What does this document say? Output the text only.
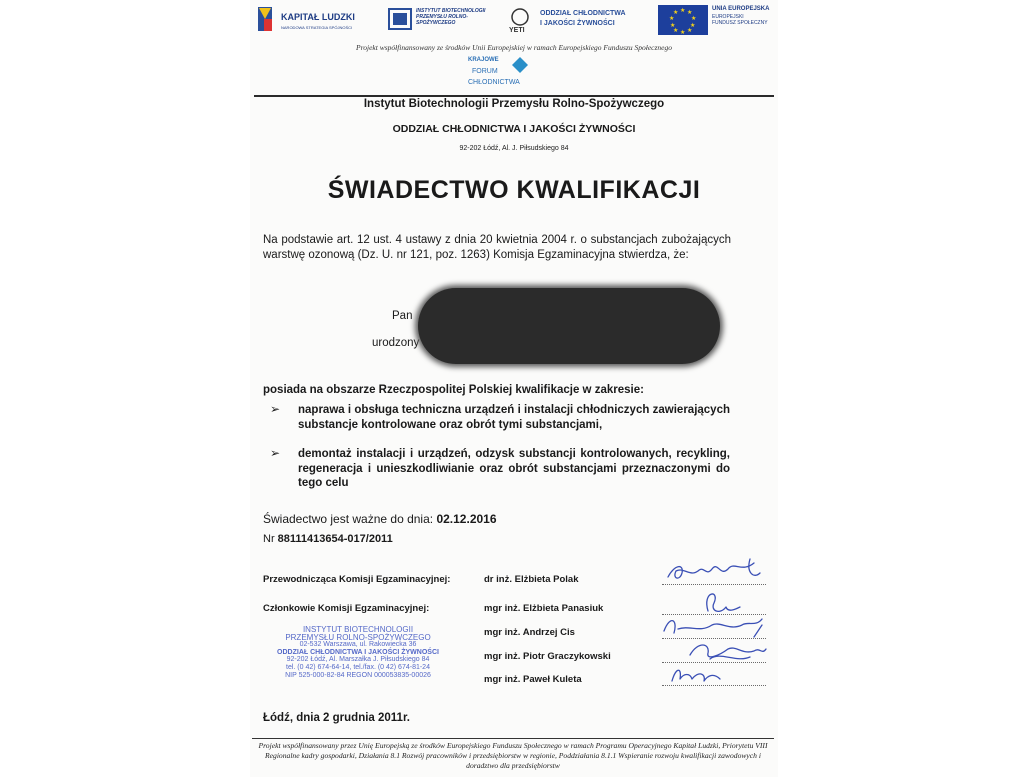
KAPITAŁ LUDZKI
NARODOWA STRATEGIA SPÓJNOŚCI
INSTYTUT BIOTECHNOLOGII PRZEMYSŁU ROLNO-SPOŻYWCZEGO
YETI
ODDZIAŁ CHŁODNICTWA
I JAKOŚCI ŻYWNOŚCI
★ ★
★
★
★
★
★
★
★
★
UNIA EUROPEJSKA
EUROPEJSKI
FUNDUSZ SPOŁECZNY
Projekt współfinansowany ze środków Unii Europejskiej w ramach Europejskiego Funduszu Społecznego
KRAJOWE
FORUM
CHŁODNICTWA
Instytut Biotechnologii Przemysłu Rolno-Spożywczego
ODDZIAŁ CHŁODNICTWA I JAKOŚCI ŻYWNOŚCI
92-202 Łódź, Al. J. Piłsudskiego 84
ŚWIADECTWO KWALIFIKACJI
Na podstawie art. 12 ust. 4 ustawy z dnia 20 kwietnia 2004 r. o substancjach zubożających warstwę ozonową (Dz. U. nr 121, poz. 1263) Komisja Egzaminacyjna stwierdza, że:
Pan
urodzony
posiada na obszarze Rzeczpospolitej Polskiej kwalifikacje w zakresie:
➢ naprawa i obsługa techniczna urządzeń i instalacji chłodniczych zawierających substancje kontrolowane oraz obrót tymi substancjami,
➢ demontaż instalacji i urządzeń, odzysk substancji kontrolowanych, recykling, regeneracja i unieszkodliwianie oraz obrót substancjami przeznaczonymi do tego celu
Świadectwo jest ważne do dnia: 02.12.2016
Nr 88111413654-017/2011
Przewodnicząca Komisji Egzaminacyjnej:	dr inż. Elżbieta Polak
Członkowie Komisji Egzaminacyjnej:	mgr inż. Elżbieta Panasiuk
mgr inż. Andrzej Cis
mgr inż. Piotr Graczykowski
mgr inż. Paweł Kuleta
INSTYTUT BIOTECHNOLOGII
PRZEMYSŁU ROLNO-SPOŻYWCZEGO
02-532 Warszawa, ul. Rakowiecka 36
ODDZIAŁ CHŁODNICTWA I JAKOŚCI ŻYWNOŚCI
92-202 Łódź, Al. Marszałka J. Piłsudskiego 84
tel. (0 42) 674-64-14, tel./fax. (0 42) 674-81-24
NIP 525-000-82-84 REGON 000053835-00026
Łódź, dnia 2 grudnia 2011r.
Projekt współfinansowany przez Unię Europejską ze środków Europejskiego Funduszu Społecznego w ramach Programu Operacyjnego Kapitał Ludzki, Priorytetu VIII Regionalne kadry gospodarki, Działania 8.1 Rozwój pracowników i przedsiębiorstw w regionie, Poddziałania 8.1.1 Wspieranie rozwoju kwalifikacji zawodowych i doradztwo dla przedsiębiorstw
